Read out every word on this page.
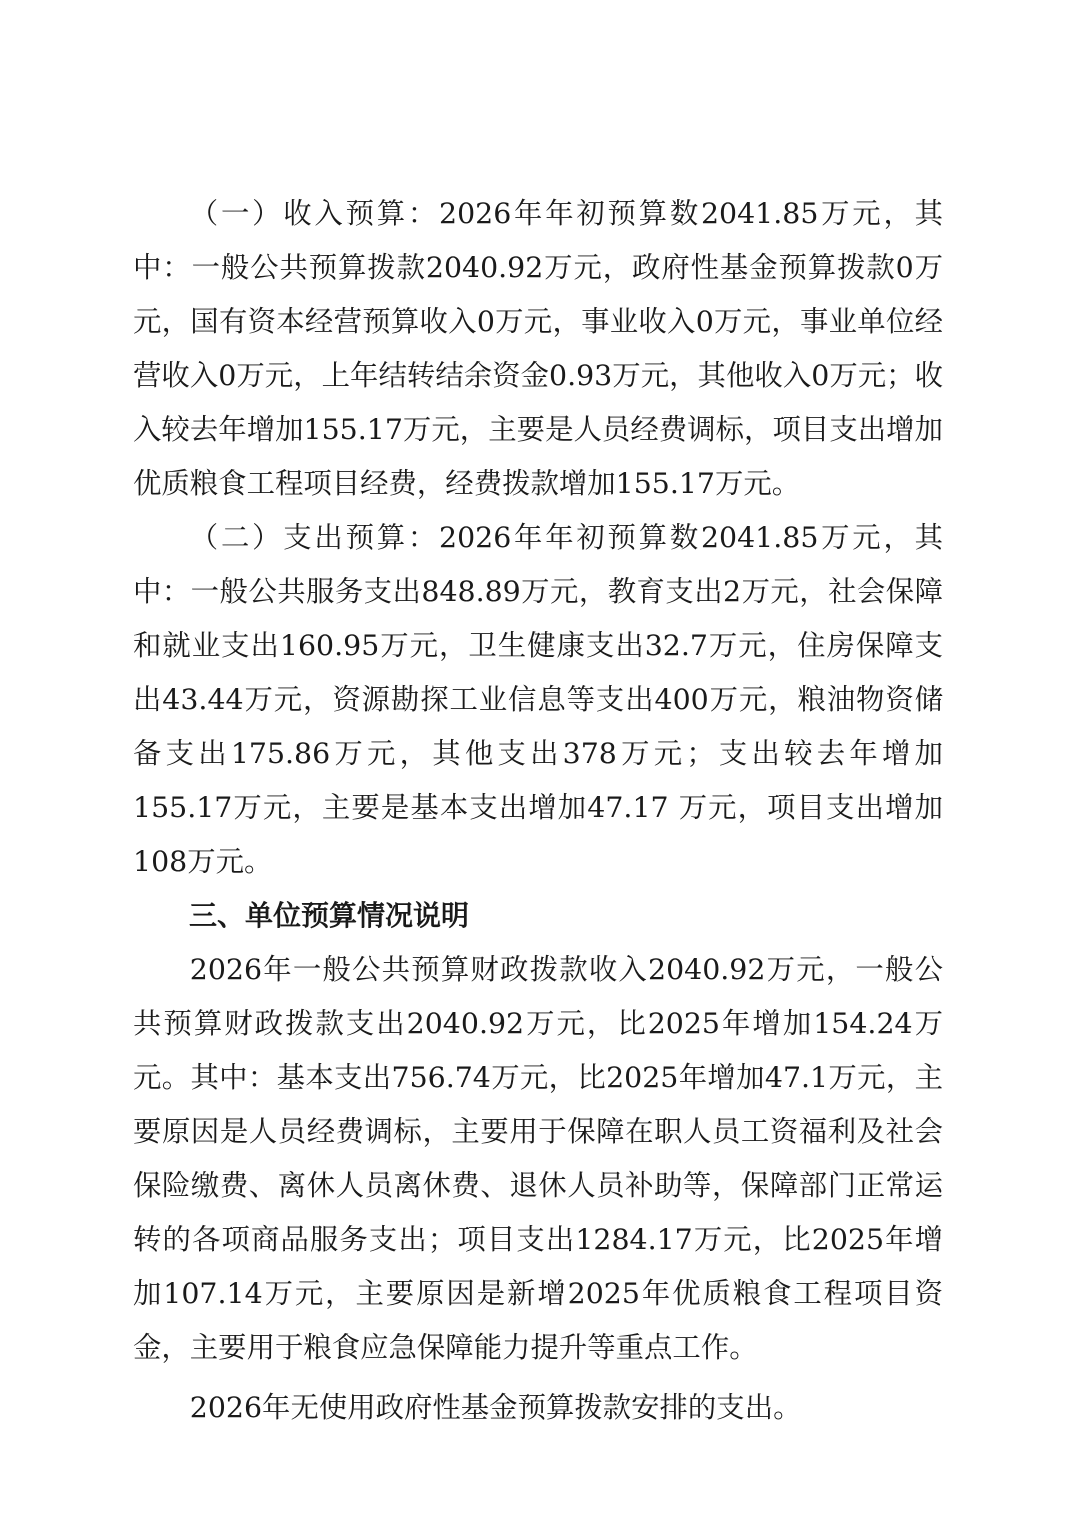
（一）收入预算：2026年年初预算数2041.85万元，其中：一般公共预算拨款2040.92万元，政府性基金预算拨款0万元，国有资本经营预算收入0万元，事业收入0万元，事业单位经营收入0万元，上年结转结余资金0.93万元，其他收入0万元；收入较去年增加155.17万元，主要是人员经费调标，项目支出增加优质粮食工程项目经费，经费拨款增加155.17万元。

（二）支出预算：2026年年初预算数2041.85万元，其中：一般公共服务支出848.89万元，教育支出2万元，社会保障和就业支出160.95万元，卫生健康支出32.7万元，住房保障支出43.44万元，资源勘探工业信息等支出400万元，粮油物资储备支出175.86万元，其他支出378万元；支出较去年增加155.17万元，主要是基本支出增加47.17 万元，项目支出增加108万元。

三、单位预算情况说明

2026年一般公共预算财政拨款收入2040.92万元，一般公共预算财政拨款支出2040.92万元，比2025年增加154.24万元。其中：基本支出756.74万元，比2025年增加47.1万元，主要原因是人员经费调标，主要用于保障在职人员工资福利及社会保险缴费、离休人员离休费、退休人员补助等，保障部门正常运转的各项商品服务支出；项目支出1284.17万元，比2025年增加107.14万元，主要原因是新增2025年优质粮食工程项目资金，主要用于粮食应急保障能力提升等重点工作。

2026年无使用政府性基金预算拨款安排的支出。
